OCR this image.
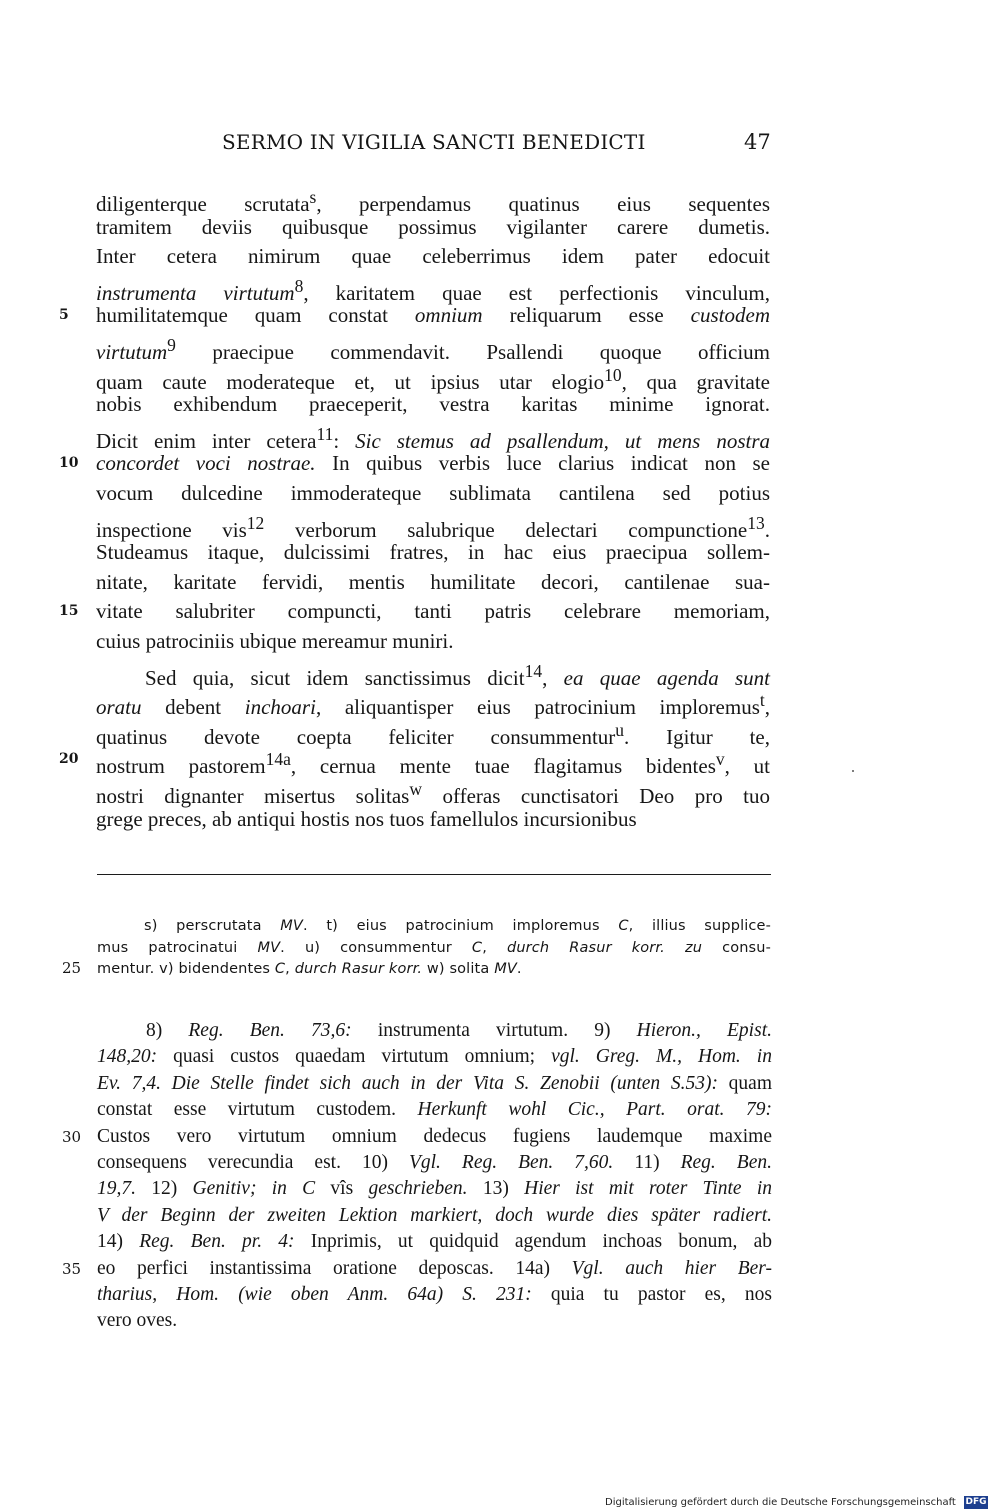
SERMO IN VIGILIA SANCTI BENEDICTI	47
diligenterque scrutata$^s$, perpendamus quatinus eius sequentes
tramitem deviis quibusque possimus vigilanter carere dumetis.
Inter cetera nimirum quae celeberrimus idem pater edocuit
instrumenta virtutum$^8$, karitatem quae est perfectionis vinculum,
humilitatemque quam constat omnium reliquarum esse custodem
5
virtutum$^9$ praecipue commendavit. Psallendi quoque officium
quam caute moderateque et, ut ipsius utar elogio$^{10}$, qua gravitate
nobis exhibendum praeceperit, vestra karitas minime ignorat.
Dicit enim inter cetera$^{11}$: Sic stemus ad psallendum, ut mens nostra
concordet voci nostrae. In quibus verbis luce clarius indicat non se
10
vocum dulcedine immoderateque sublimata cantilena sed potius
inspectione vis$^{12}$ verborum salubrique delectari compunctione$^{13}$.
Studeamus itaque, dulcissimi fratres, in hac eius praecipua sollem-
nitate, karitate fervidi, mentis humilitate decori, cantilenae sua-
vitate salubriter compuncti, tanti patris celebrare memoriam,
15
cuius patrociniis ubique mereamur muniri.
Sed quia, sicut idem sanctissimus dicit$^{14}$, ea quae agenda sunt
oratu debent inchoari, aliquantisper eius patrocinium imploremus$^t$,
quatinus devote coepta feliciter consummentur$^u$. Igitur te,
nostrum pastorem$^{14a}$, cernua mente tuae flagitamus bidentes$^v$, ut
20
nostri dignanter misertus solitas$^w$ offeras cunctisatori Deo pro tuo
grege preces, ab antiqui hostis nos tuos famellulos incursionibus
s) perscrutata MV. t) eius patrocinium imploremus C, illius supplice-
mus patrocinatui MV. u) consummentur C, durch Rasur korr. zu consu-
mentur. v) bidendentes C, durch Rasur korr. w) solita MV.
25
8) Reg. Ben. 73,6: instrumenta virtutum. 9) Hieron., Epist.
148,20: quasi custos quaedam virtutum omnium; vgl. Greg. M., Hom. in
Ev. 7,4. Die Stelle findet sich auch in der Vita S. Zenobii (unten S.53): quam
constat esse virtutum custodem. Herkunft wohl Cic., Part. orat. 79:
Custos vero virtutum omnium dedecus fugiens laudemque maxime
30
consequens verecundia est. 10) Vgl. Reg. Ben. 7,60. 11) Reg. Ben.
19,7. 12) Genitiv; in C vîs geschrieben. 13) Hier ist mit roter Tinte in
V der Beginn der zweiten Lektion markiert, doch wurde dies später radiert.
14) Reg. Ben. pr. 4: Inprimis, ut quidquid agendum inchoas bonum, ab
eo perfici instantissima oratione deposcas. 14a) Vgl. auch hier Ber-
35
tharius, Hom. (wie oben Anm. 64a) S. 231: quia tu pastor es, nos
vero oves.
Digitalisierung gefördert durch die Deutsche Forschungsgemeinschaft DFG
